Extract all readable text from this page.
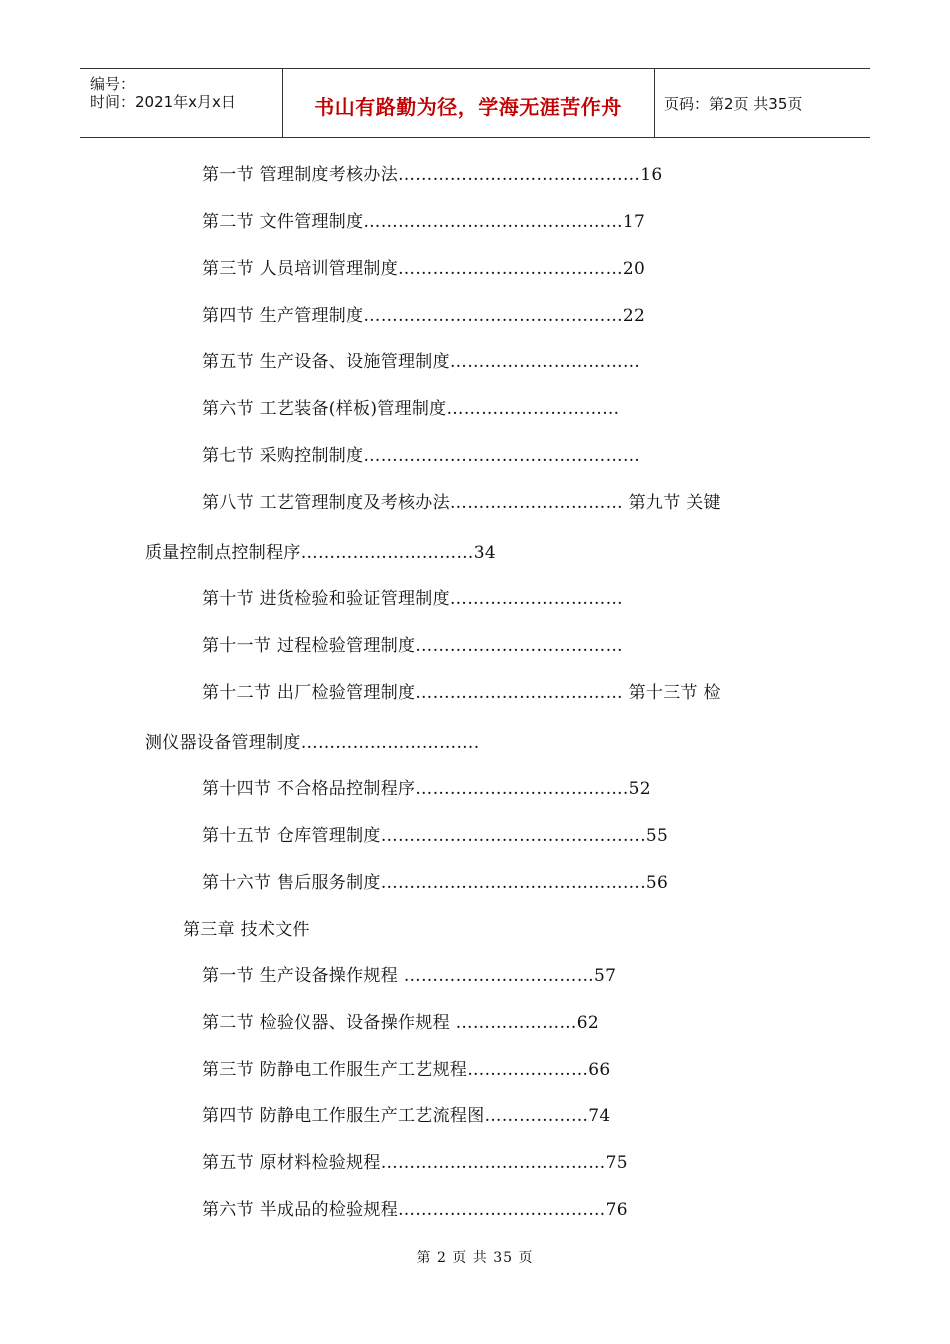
编号：
时间：2021年x月x日	书山有路勤为径，学海无涯苦作舟	页码：第2页 共35页
第一节 管理制度考核办法……………………………………16
第二节 文件管理制度………………………………………17
第三节 人员培训管理制度…………………………………20
第四节 生产管理制度………………………………………22
第五节 生产设备、设施管理制度……………………………
第六节 工艺装备(样板)管理制度…………………………
第七节 采购控制制度…………………………………………
第八节 工艺管理制度及考核办法………………………… 第九节 关键
质量控制点控制程序…………………………34
第十节 进货检验和验证管理制度…………………………
第十一节 过程检验管理制度………………………………
第十二节 出厂检验管理制度……………………………… 第十三节 检
测仪器设备管理制度………………………….
第十四节 不合格品控制程序……………………………….52
第十五节 仓库管理制度……………………………………….55
第十六节 售后服务制度……………………………………….56
第三章 技术文件
第一节 生产设备操作规程 ……………………………57
第二节 检验仪器、设备操作规程 …………………62
第三节 防静电工作服生产工艺规程…………………66
第四节 防静电工作服生产工艺流程图………………74
第五节 原材料检验规程…………………………………75
第六节 半成品的检验规程………………………………76
第 2 页 共 35 页
